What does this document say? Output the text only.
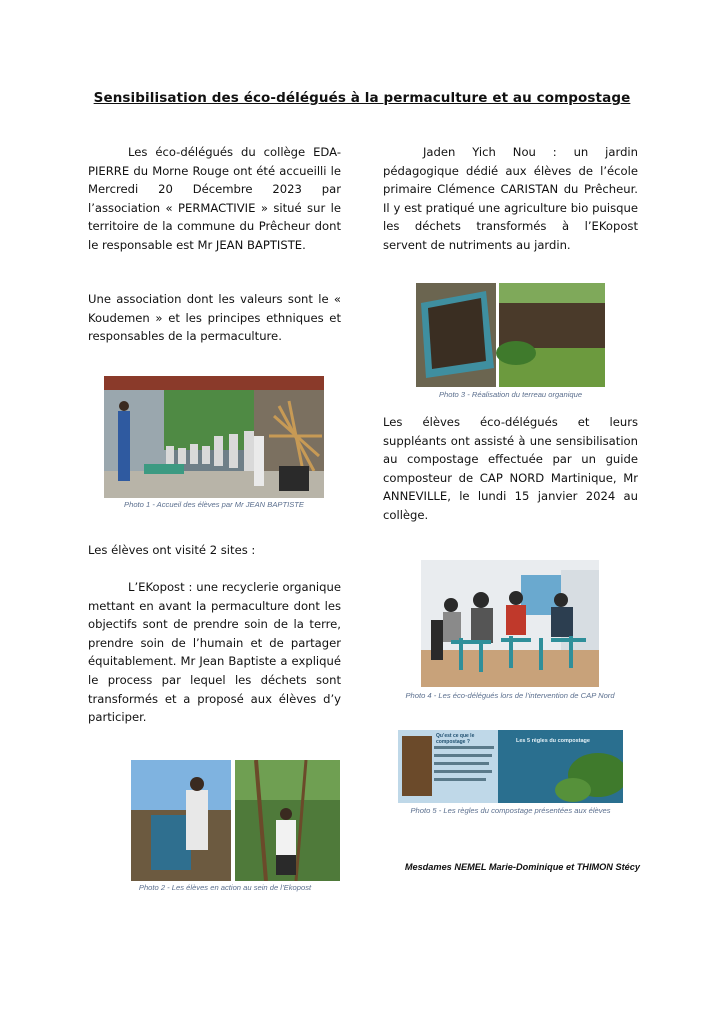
Sensibilisation des éco-délégués à la permaculture et au compostage
Les éco-délégués du collège EDA-PIERRE du Morne Rouge ont été accueilli le Mercredi 20 Décembre 2023 par l’association « PERMACTIVIE » situé sur le territoire de la commune du Prêcheur dont le responsable est Mr JEAN BAPTISTE.
Une association dont les valeurs sont le « Koudemen » et les principes ethniques et responsables de la permaculture.
Photo 1 - Accueil des élèves par Mr JEAN BAPTISTE
Les élèves ont visité 2 sites :
L’EKopost : une recyclerie organique mettant en avant la permaculture dont les objectifs sont de prendre soin de la terre, prendre soin de l’humain et de partager équitablement. Mr Jean Baptiste a expliqué le process par lequel les déchets sont transformés et a proposé aux élèves d’y participer.
Photo 2 - Les élèves en action au sein de l’Ekopost
Jaden Yich Nou : un jardin pédagogique dédié aux élèves de l’école primaire Clémence CARISTAN du Prêcheur. Il y est pratiqué une agriculture bio puisque les déchets transformés à l’EKopost servent de nutriments au jardin.
Photo 3 - Réalisation du terreau organique
Les élèves éco-délégués et leurs suppléants ont assisté à une sensibilisation au compostage effectuée par un guide composteur de CAP NORD Martinique, Mr ANNEVILLE, le lundi 15 janvier 2024 au collège.
Photo 4 - Les éco-délégués lors de l’intervention de CAP Nord
Qu’est ce que le compostage ?	Les 5 règles du compostage
Photo 5 - Les règles du compostage présentées aux élèves
Mesdames NEMEL Marie-Dominique et THIMON Stécy
